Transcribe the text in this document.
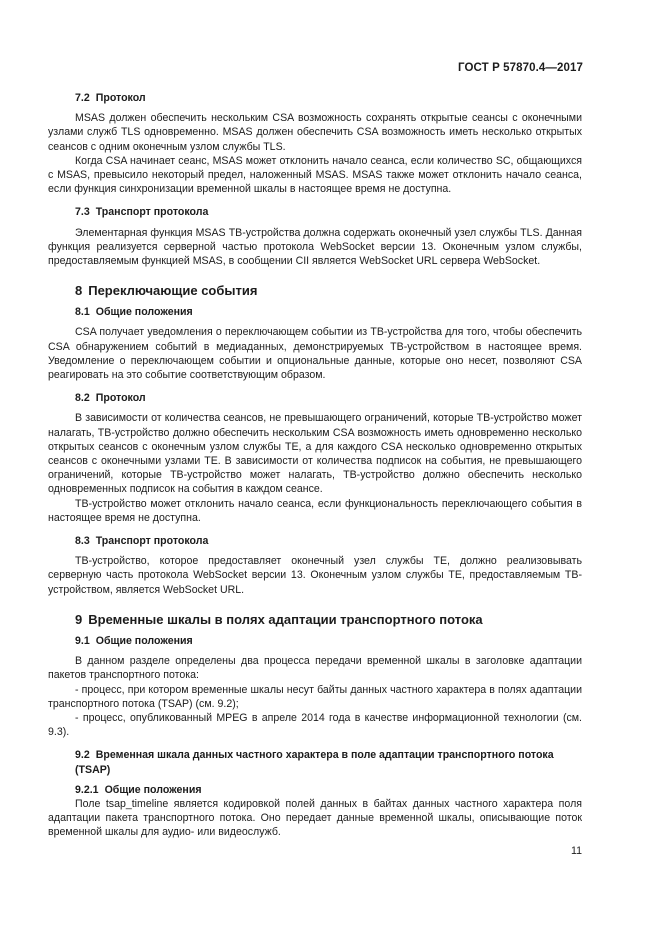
ГОСТ Р 57870.4—2017
7.2 Протокол

MSAS должен обеспечить нескольким CSA возможность сохранять открытые сеансы с оконечными узлами служб TLS одновременно. MSAS должен обеспечить CSA возможность иметь несколько открытых сеансов с одним оконечным узлом службы TLS.

Когда CSA начинает сеанс, MSAS может отклонить начало сеанса, если количество SC, общающихся с MSAS, превысило некоторый предел, наложенный MSAS. MSAS также может отклонить начало сеанса, если функция синхронизации временной шкалы в настоящее время не доступна.

7.3 Транспорт протокола

Элементарная функция MSAS ТВ-устройства должна содержать оконечный узел службы TLS. Данная функция реализуется серверной частью протокола WebSocket версии 13. Оконечным узлом службы, предоставляемым функцией MSAS, в сообщении CII является WebSocket URL сервера WebSocket.

8 Переключающие события
8.1 Общие положения

CSA получает уведомления о переключающем событии из ТВ-устройства для того, чтобы обеспечить CSA обнаружением событий в медиаданных, демонстрируемых ТВ-устройством в настоящее время. Уведомление о переключающем событии и опциональные данные, которые оно несет, позволяют CSA реагировать на это событие соответствующим образом.

8.2 Протокол

В зависимости от количества сеансов, не превышающего ограничений, которые ТВ-устройство может налагать, ТВ-устройство должно обеспечить нескольким CSA возможность иметь одновременно несколько открытых сеансов с оконечным узлом службы TE, а для каждого CSA несколько одновременно открытых сеансов с оконечными узлами TE. В зависимости от количества подписок на события, не превышающего ограничений, которые ТВ-устройство может налагать, ТВ-устройство должно обеспечить несколько одновременных подписок на события в каждом сеансе.

ТВ-устройство может отклонить начало сеанса, если функциональность переключающего события в настоящее время не доступна.

8.3 Транспорт протокола

ТВ-устройство, которое предоставляет оконечный узел службы TE, должно реализовывать серверную часть протокола WebSocket версии 13. Оконечным узлом службы TE, предоставляемым ТВ-устройством, является WebSocket URL.

9 Временные шкалы в полях адаптации транспортного потока
9.1 Общие положения

В данном разделе определены два процесса передачи временной шкалы в заголовке адаптации пакетов транспортного потока:

- процесс, при котором временные шкалы несут байты данных частного характера в полях адаптации транспортного потока (TSAP) (см. 9.2);

- процесс, опубликованный MPEG в апреле 2014 года в качестве информационной технологии (см. 9.3).

9.2 Временная шкала данных частного характера в поле адаптации транспортного потока (TSAP)
9.2.1 Общие положения

Поле tsap_timeline является кодировкой полей данных в байтах данных частного характера поля адаптации пакета транспортного потока. Оно передает данные временной шкалы, описывающие поток временной шкалы для аудио- или видеослужб.

11
